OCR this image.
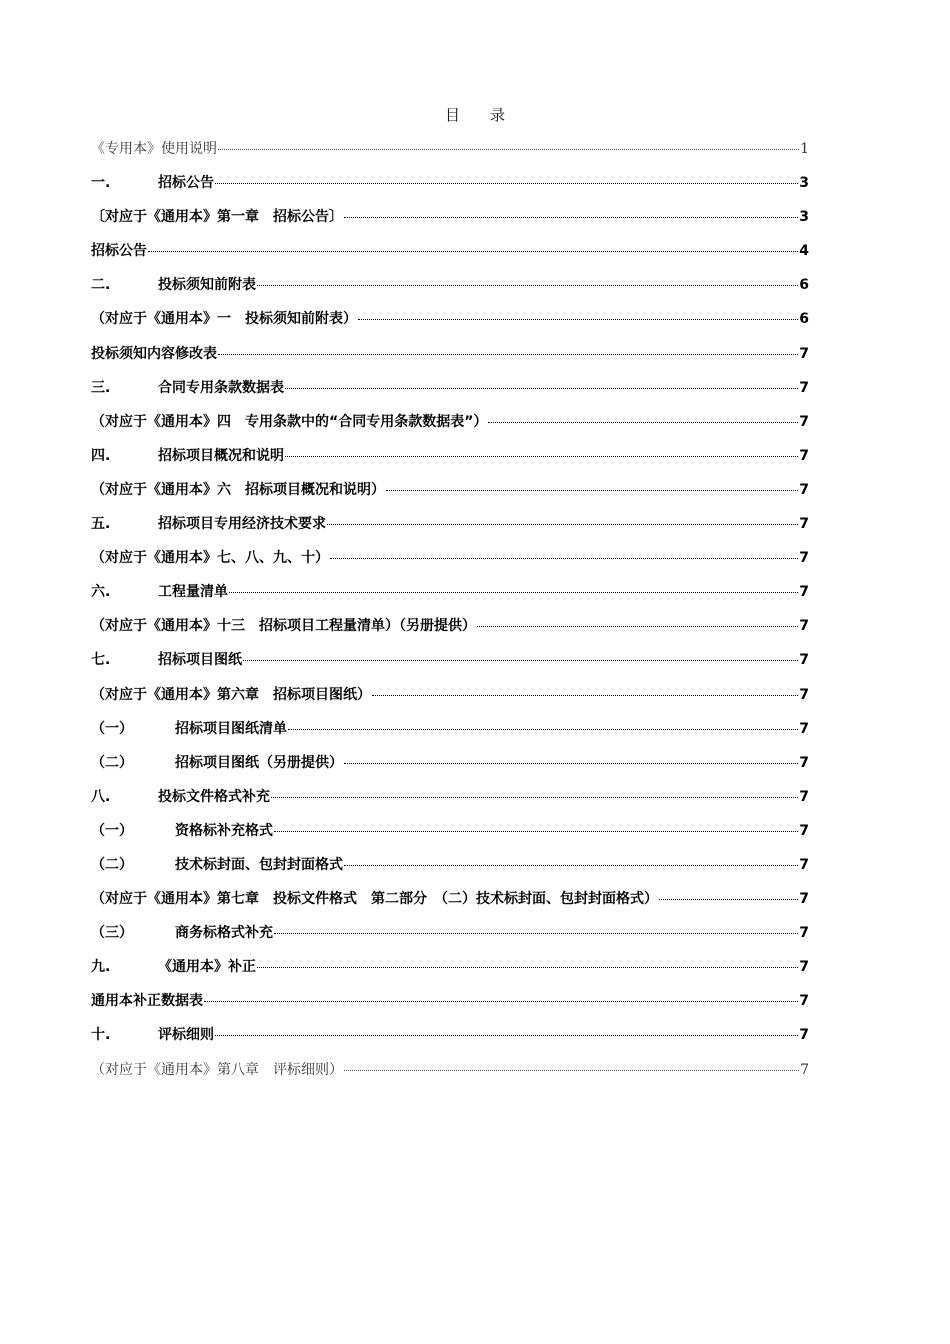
目录
《专用本》使用说明	1
一.	招标公告	3
〔对应于《通用本》第一章　招标公告〕	3
招标公告	4
二.	投标须知前附表	6
（对应于《通用本》一　投标须知前附表）	6
投标须知内容修改表	7
三.	合同专用条款数据表	7
（对应于《通用本》四　专用条款中的“合同专用条款数据表”）	7
四.	招标项目概况和说明	7
（对应于《通用本》六　招标项目概况和说明）	7
五.	招标项目专用经济技术要求	7
（对应于《通用本》七、八、九、十）	7
六.	工程量清单	7
（对应于《通用本》十三　招标项目工程量清单）（另册提供）	7
七.	招标项目图纸	7
（对应于《通用本》第六章　招标项目图纸）	7
（一）	招标项目图纸清单	7
（二）	招标项目图纸（另册提供）	7
八.	投标文件格式补充	7
（一）	资格标补充格式	7
（二）	技术标封面、包封封面格式	7
（对应于《通用本》第七章　投标文件格式　第二部分　（二）技术标封面、包封封面格式）	7
（三）	商务标格式补充	7
九.	《通用本》补正	7
通用本补正数据表	7
十.	评标细则	7
（对应于《通用本》第八章　评标细则）	7
